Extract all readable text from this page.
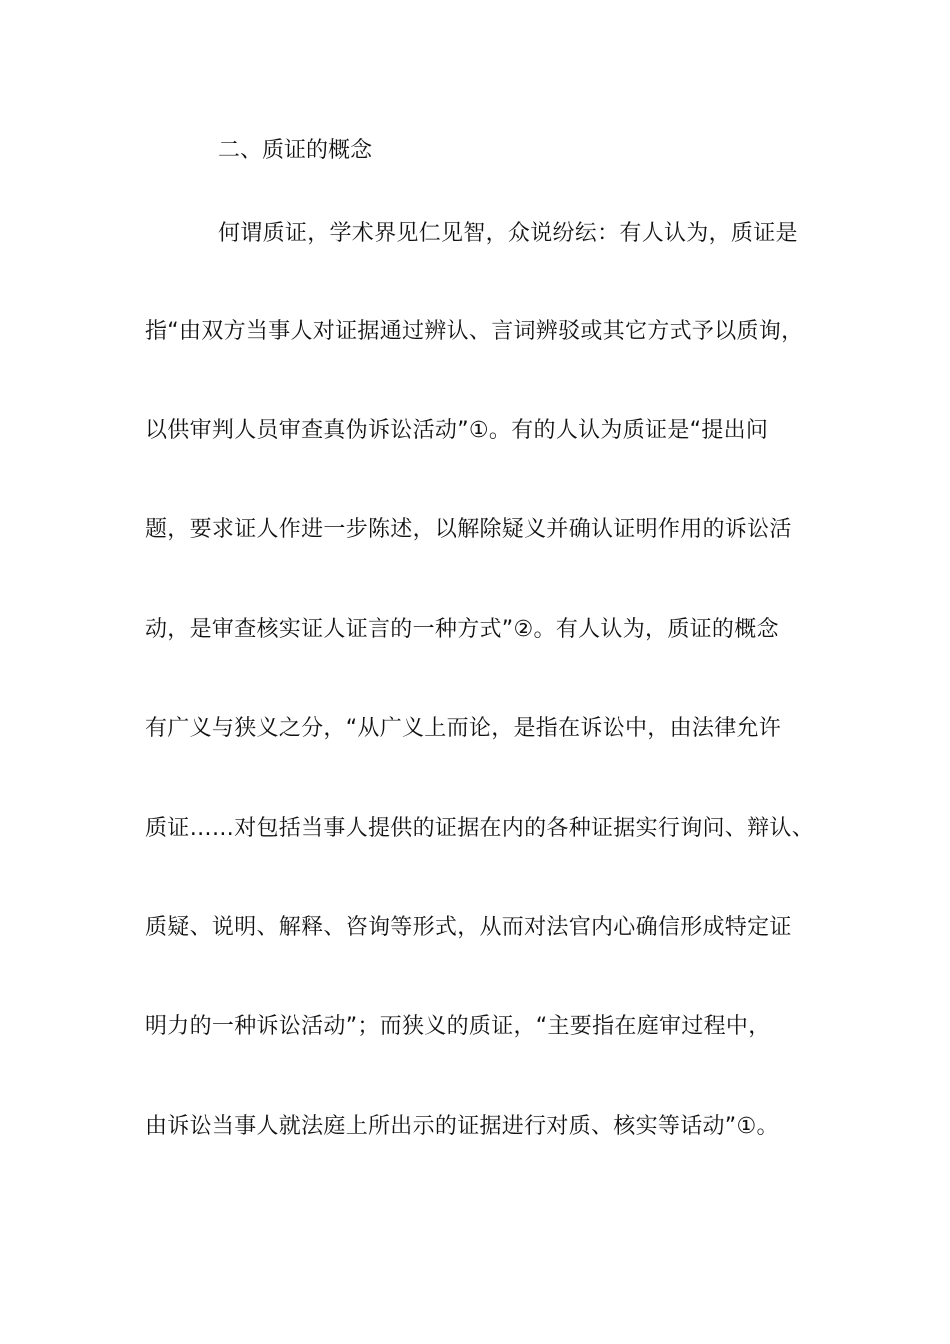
二、质证的概念
何谓质证，学术界见仁见智，众说纷纭：有人认为，质证是
指“由双方当事人对证据通过辨认、言词辨驳或其它方式予以质询，
以供审判人员审查真伪诉讼活动”①。有的人认为质证是“提出问
题，要求证人作进一步陈述，以解除疑义并确认证明作用的诉讼活
动，是审查核实证人证言的一种方式”②。有人认为，质证的概念
有广义与狭义之分，“从广义上而论，是指在诉讼中，由法律允许
质证……对包括当事人提供的证据在内的各种证据实行询问、辩认、
质疑、说明、解释、咨询等形式，从而对法官内心确信形成特定证
明力的一种诉讼活动”；而狭义的质证，“主要指在庭审过程中，
由诉讼当事人就法庭上所出示的证据进行对质、核实等话动”①。
